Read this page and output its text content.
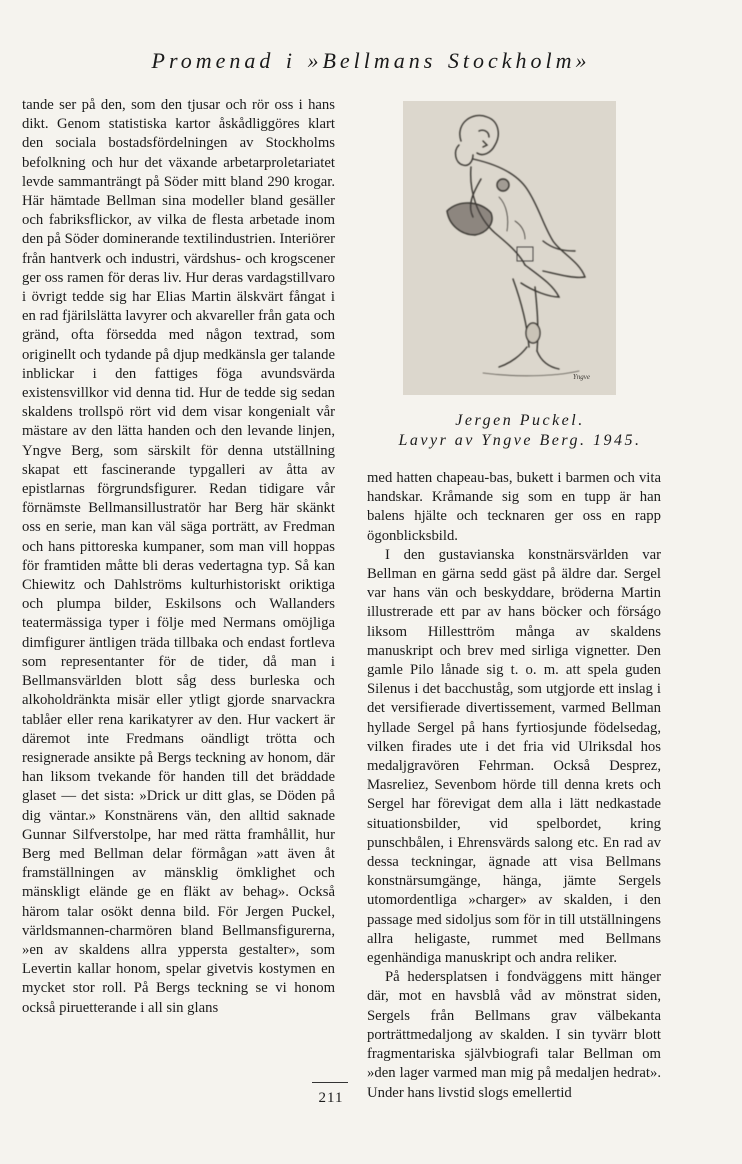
Promenad i »Bellmans Stockholm»

tande ser på den, som den tjusar och rör oss i hans dikt. Genom statistiska kartor åskådliggöres klart den sociala bostadsfördelningen av Stockholms befolkning och hur det växande arbetarproletariatet levde sammanträngt på Söder mitt bland 290 krogar. Här hämtade Bellman sina modeller bland gesäller och fabriksflickor, av vilka de flesta arbetade inom den på Söder dominerande textilindustrien. Interiörer från hantverk och industri, värdshus- och krogscener ger oss ramen för deras liv. Hur deras vardagstillvaro i övrigt tedde sig har Elias Martin älskvärt fångat i en rad fjärilslätta lavyrer och akvareller från gata och gränd, ofta försedda med någon textrad, som originellt och tydande på djup medkänsla ger talande inblickar i den fattiges föga avundsvärda existensvillkor vid denna tid. Hur de tedde sig sedan skaldens trollspö rört vid dem visar kongenialt vår mästare av den lätta handen och den levande linjen, Yngve Berg, som särskilt för denna utställning skapat ett fascinerande typgalleri av åtta av epistlarnas förgrundsfigurer. Redan tidigare vår förnämste Bellmansillustratör har Berg här skänkt oss en serie, man kan väl säga porträtt, av Fredman och hans pittoreska kumpaner, som man vill hoppas för framtiden måtte bli deras vedertagna typ. Så kan Chiewitz och Dahlströms kulturhistoriskt oriktiga och plumpa bilder, Eskilsons och Wallanders teatermässiga typer i följe med Nermans omöjliga dimfigurer äntligen träda tillbaka och endast fortleva som representanter för de tider, då man i Bellmansvärlden blott såg dess burleska och alkoholdränkta misär eller ytligt gjorde snarvackra tablåer eller rena karikatyrer av den. Hur vackert är däremot inte Fredmans oändligt trötta och resignerade ansikte på Bergs teckning av honom, där han liksom tvekande för handen till det bräddade glaset — det sista: »Drick ur ditt glas, se Döden på dig väntar.» Konstnärens vän, den alltid saknade Gunnar Silfverstolpe, har med rätta framhållit, hur Berg med Bellman delar förmågan »att även åt framställningen av mänsklig ömklighet och mänskligt elände ge en fläkt av behag». Också härom talar osökt denna bild. För Jergen Puckel, världsmannen-charmören bland Bellmansfigurerna, »en av skaldens allra yppersta gestalter», som Levertin kallar honom, spelar givetvis kostymen en mycket stor roll. På Bergs teckning se vi honom också piruetterande i all sin glans

Yngve
Jergen Puckel.
Lavyr av Yngve Berg. 1945.

med hatten chapeau-bas, bukett i barmen och vita handskar. Kråmande sig som en tupp är han balens hjälte och tecknaren ger oss en rapp ögonblicksbild.

I den gustavianska konstnärsvärlden var Bellman en gärna sedd gäst på äldre dar. Sergel var hans vän och beskyddare, bröderna Martin illustrerade ett par av hans böcker och förságo liksom Hillesttröm många av skaldens manuskript och brev med sirliga vignetter. Den gamle Pilo lånade sig t. o. m. att spela guden Silenus i det bacchuståg, som utgjorde ett inslag i det versifierade divertissement, varmed Bellman hyllade Sergel på hans fyrtiosjunde födelsedag, vilken firades ute i det fria vid Ulriksdal hos medaljgravören Fehrman. Också Desprez, Masreliez, Sevenbom hörde till denna krets och Sergel har förevigat dem alla i lätt nedkastade situationsbilder, vid spelbordet, kring punschbålen, i Ehrensvärds salong etc. En rad av dessa teckningar, ägnade att visa Bellmans konstnärsumgänge, hänga, jämte Sergels utomordentliga »charger» av skalden, i den passage med sidoljus som för in till utställningens allra heligaste, rummet med Bellmans egenhändiga manuskript och andra reliker.

På hedersplatsen i fondväggens mitt hänger där, mot en havsblå våd av mönstrat siden, Sergels från Bellmans grav välbekanta porträttmedaljong av skalden. I sin tyvärr blott fragmentariska självbiografi talar Bellman om »den lager varmed man mig på medaljen hedrat». Under hans livstid slogs emellertid

211
